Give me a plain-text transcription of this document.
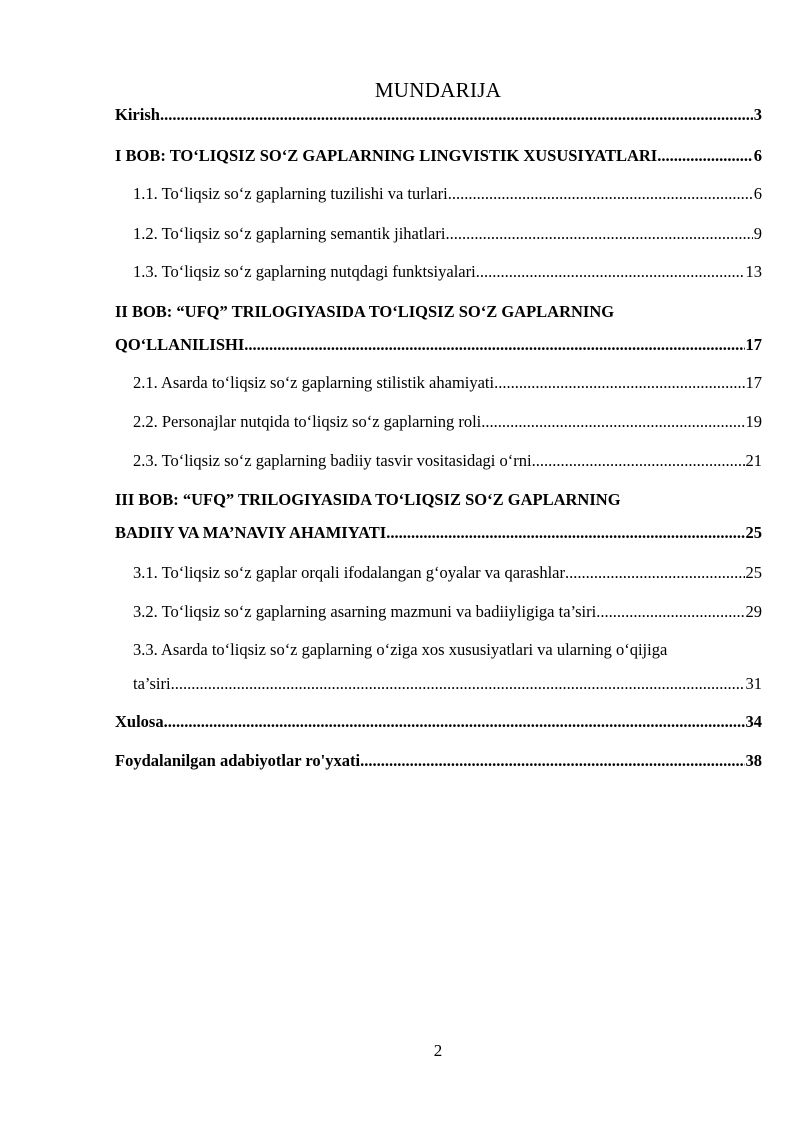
MUNDARIJA
Kirish .....	3
I BOB: TO‘LIQSIZ SO‘Z GAPLARNING LINGVISTIK XUSUSIYATLARI .....	6
1.1. To‘liqsiz so‘z gaplarning tuzilishi va turlari .....	6
1.2. To‘liqsiz so‘z gaplarning semantik jihatlari .....	9
1.3. To‘liqsiz so‘z gaplarning nutqdagi funktsiyalari .....	13
II BOB: “UFQ” TRILOGIYASIDA TO‘LIQSIZ SO‘Z GAPLARNING
QO‘LLANILISHI .....	17
2.1. Asarda to‘liqsiz so‘z gaplarning stilistik ahamiyati .....	17
2.2. Personajlar nutqida to‘liqsiz so‘z gaplarning roli .....	19
2.3. To‘liqsiz so‘z gaplarning badiiy tasvir vositasidagi o‘rni .....	21
III BOB: “UFQ” TRILOGIYASIDA TO‘LIQSIZ SO‘Z GAPLARNING
BADIIY VA MA’NAVIY AHAMIYATI .....	25
3.1. To‘liqsiz so‘z gaplar orqali ifodalangan g‘oyalar va qarashlar .....	25
3.2. To‘liqsiz so‘z gaplarning asarning mazmuni va badiiyligiga ta’siri .....	29
3.3. Asarda to‘liqsiz so‘z gaplarning o‘ziga xos xususiyatlari va ularning o‘qijiga
ta’siri .....	31
Xulosa .....	34
Foydalanilgan adabiyotlar ro'yxati .....	38
2
